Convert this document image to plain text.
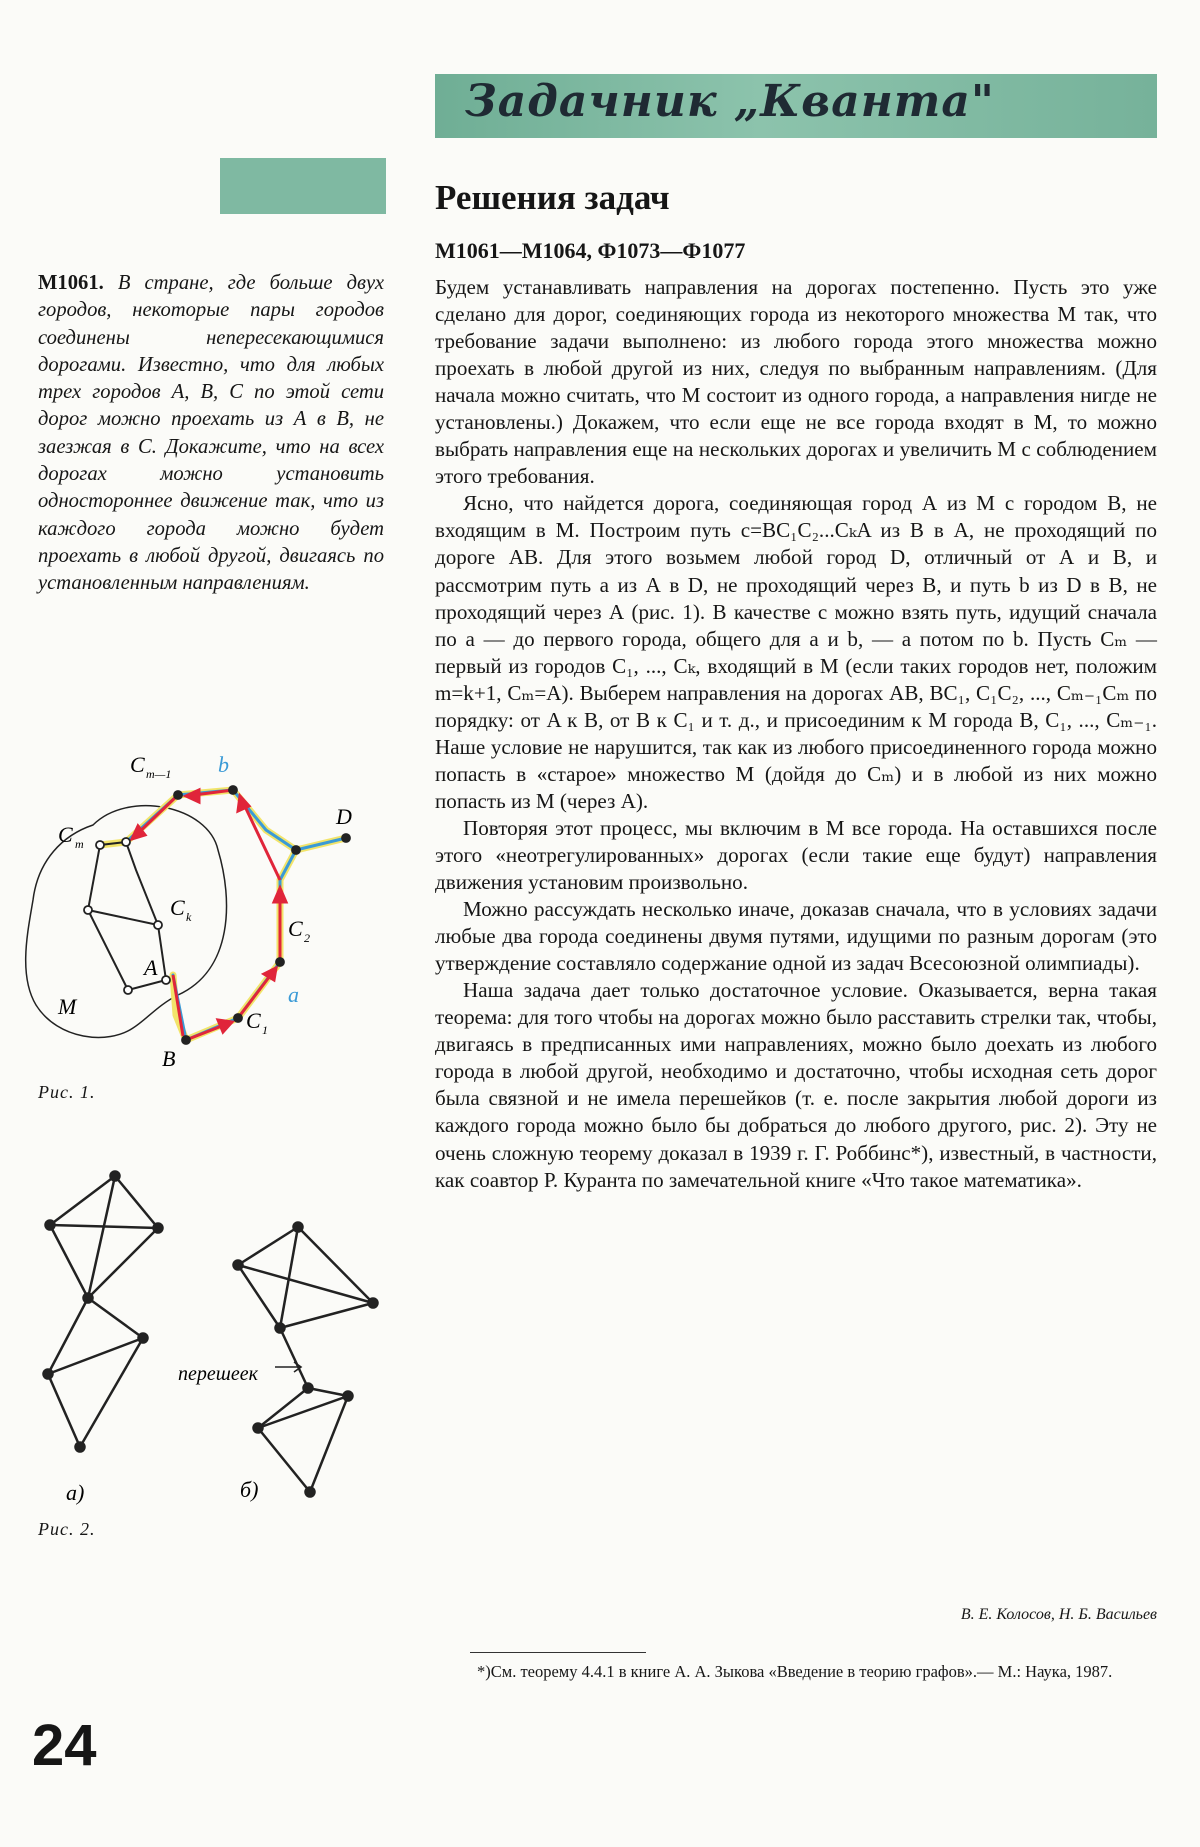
Задачник „Кванта"
Решения задач
М1061—М1064, Ф1073—Ф1077
М1061. В стране, где больше двух городов, некоторые пары городов соединены непересекающимися дорогами. Известно, что для любых трех городов А, В, С по этой сети дорог можно проехать из А в В, не заезжая в С. Докажите, что на всех дорогах можно установить одностороннее движение так, что из каждого города можно будет проехать в любой другой, двигаясь по установленным направлениям.
C m—1 b
D
C m
C k	C 2
A
a
M
C 1
B
Рис. 1.
перешеек
а)	б)
Рис. 2.

Будем устанавливать направления на дорогах постепенно. Пусть это уже сделано для дорог, соединяющих города из некоторого множества М так, что требование задачи выполнено: из любого города этого множества можно проехать в любой другой из них, следуя по выбранным направлениям. (Для начала можно считать, что М состоит из одного города, а направления нигде не установлены.) Докажем, что если еще не все города входят в М, то можно выбрать направления еще на нескольких дорогах и увеличить М с соблюдением этого требования.

Ясно, что найдется дорога, соединяющая город А из М с городом В, не входящим в М. Построим путь c=BC₁C₂...CₖA из В в А, не проходящий по дороге АВ. Для этого возьмем любой город D, отличный от А и В, и рассмотрим путь a из А в D, не проходящий через В, и путь b из D в В, не проходящий через А (рис. 1). В качестве c можно взять путь, идущий сначала по a — до первого города, общего для a и b, — а потом по b. Пусть Cₘ — первый из городов C₁, ..., Cₖ, входящий в М (если таких городов нет, положим m=k+1, Cₘ=A). Выберем направления на дорогах AB, BC₁, C₁C₂, ..., Cₘ₋₁Cₘ по порядку: от A к B, от B к C₁ и т. д., и присоединим к M города B, C₁, ..., Cₘ₋₁. Наше условие не нарушится, так как из любого присоединенного города можно попасть в «старое» множество M (дойдя до Cₘ) и в любой из них можно попасть из M (через A).

Повторяя этот процесс, мы включим в M все города. На оставшихся после этого «неотрегулированных» дорогах (если такие еще будут) направления движения установим произвольно.

Можно рассуждать несколько иначе, доказав сначала, что в условиях задачи любые два города соединены двумя путями, идущими по разным дорогам (это утверждение составляло содержание одной из задач Всесоюзной олимпиады).

Наша задача дает только достаточное условие. Оказывается, верна такая теорема: для того чтобы на дорогах можно было расставить стрелки так, чтобы, двигаясь в предписанных ими направлениях, можно было доехать из любого города в любой другой, необходимо и достаточно, чтобы исходная сеть дорог была связной и не имела перешейков (т. е. после закрытия любой дороги из каждого города можно было бы добраться до любого другого, рис. 2). Эту не очень сложную теорему доказал в 1939 г. Г. Роббинс*), известный, в частности, как соавтор Р. Куранта по замечательной книге «Что такое математика».

В. Е. Колосов, Н. Б. Васильев
*)См. теорему 4.4.1 в книге А. А. Зыкова «Введение в теорию графов».— М.: Наука, 1987.
24
